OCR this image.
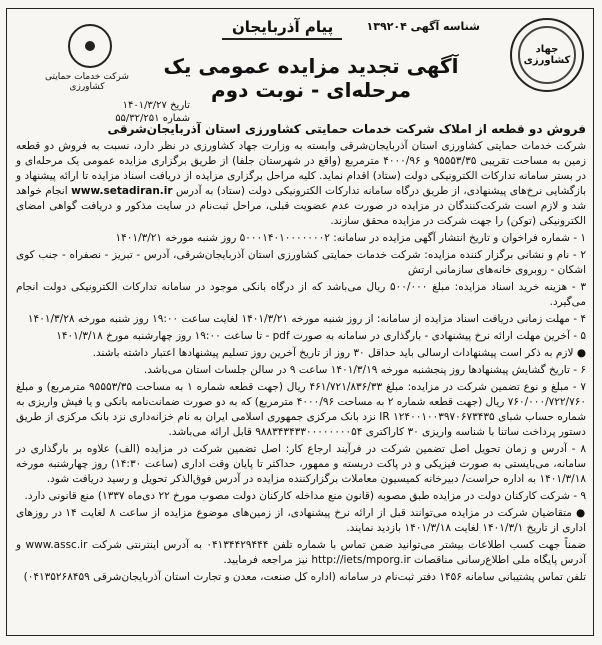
جهاد کشاورزی
شناسه آگهی ۱۳۹۲۰۴
پیام آذربایجان
شرکت خدمات حمایتی کشاورزی
آگهی تجدید مزایده عمومی یک مرحله‌ای - نوبت دوم
تاریخ ۱۴۰۱/۳/۲۷
شماره ۵۵/۳۲/۲۵۱
فروش دو قطعه از املاک شرکت خدمات حمایتی کشاورزی استان آذربایجان‌شرقی

شرکت خدمات حمایتی کشاورزی استان آذربایجان‌شرقی وابسته به وزارت جهاد کشاورزی در نظر دارد، نسبت به فروش دو قطعه زمین به مساحت تقریبی ۹۵۵۵۳/۳۵ و ۴۰۰۰/۹۶ مترمربع (واقع در شهرستان جلفا) از طریق برگزاری مزایده عمومی یک مرحله‌ای و در بستر سامانه تدارکات الکترونیکی دولت (ستاد) اقدام نماید. کلیه مراحل برگزاری مزایده از دریافت اسناد مزایده تا ارائه پیشنهاد و بازگشایی نرخ‌های پیشنهادی، از طریق درگاه سامانه تدارکات الکترونیکی دولت (ستاد) به آدرس www.setadiran.ir انجام خواهد شد و لازم است شرکت‌کنندگان در مزایده در صورت عدم عضویت قبلی، مراحل ثبت‌نام در سایت مذکور و دریافت گواهی امضای الکترونیکی (توکن) را جهت شرکت در مزایده محقق سازند.

۱ - شماره فراخوان و تاریخ انتشار آگهی مزایده در سامانه: ۵۰۰۰۱۴۰۱۰۰۰۰۰۰۰۲ روز شنبه مورخه ۱۴۰۱/۳/۲۱

۲ - نام و نشانی برگزار کننده مزایده: شرکت خدمات حمایتی کشاورزی استان آذربایجان‌شرقی، آدرس - تبریز - نصفراه - جنب کوی اشکان - روبروی خانه‌های سازمانی ارتش

۳ - هزینه خرید اسناد مزایده: مبلغ ۵۰۰/۰۰۰ ریال می‌باشد که از درگاه بانکی موجود در سامانه تدارکات الکترونیکی دولت انجام می‌گیرد.

۴ - مهلت زمانی دریافت اسناد مزایده از سامانه: از روز شنبه مورخه ۱۴۰۱/۳/۲۱ لغایت ساعت ۱۹:۰۰ روز شنبه مورخه ۱۴۰۱/۳/۲۸

۵ - آخرین مهلت ارائه نرخ پیشنهادی - بارگذاری در سامانه به صورت pdf - تا ساعت ۱۹:۰۰ روز چهارشنبه مورخ ۱۴۰۱/۳/۱۸

● لازم به ذکر است پیشنهادات ارسالی باید حداقل ۳۰ روز از تاریخ آخرین روز تسلیم پیشنهادها اعتبار داشته باشند.

۶ - تاریخ گشایش پیشنهادها روز پنجشنبه مورخه ۱۴۰۱/۳/۱۹ ساعت ۹ در سالن جلسات استان می‌باشد.

۷ - مبلغ و نوع تضمین شرکت در مزایده: مبلغ ۴۶۱/۷۲۱/۸۳۶/۳۳ ریال (جهت قطعه شماره ۱ به مساحت ۹۵۵۵۳/۳۵ مترمربع) و مبلغ ۷۶۰/۰۰۰/۷۲۲/۷۶۰ ریال (جهت قطعه شماره ۲ به مساحت ۴۰۰۰/۹۶ مترمربع) که به دو صورت ضمانت‌نامه بانکی و یا فیش واریزی به شماره حساب شبای IR ۱۲۴۰۰۱۰۰۳۹۷۰۶۷۳۴۳۵ نزد بانک مرکزی جمهوری اسلامی ایران به نام خزانه‌داری نزد بانک مرکزی از طریق دستور پرداخت ساتنا با شناسه واریزی ۳۰ کاراکتری ۹۸۸۳۴۳۴۳۳۰۰۰۰۰۰۰۰۵۴ قابل ارائه می‌باشد.

۸ - آدرس و زمان تحویل اصل تضمین شرکت در فرآیند ارجاع کار: اصل تضمین شرکت در مزایده (الف) علاوه بر بارگذاری در سامانه، می‌بایستی به صورت فیزیکی و در پاکت دربسته و ممهور، حداکثر تا پایان وقت اداری (ساعت ۱۴:۳۰) روز چهارشنبه مورخه ۱۴۰۱/۳/۱۸ به اداره حراست/ دبیرخانه کمیسیون معاملات برگزارکننده مزایده در آدرس فوق‌الذکر تحویل و رسید دریافت شود.

۹ - شرکت کارکنان دولت در مزایده طبق مصوبه (قانون منع مداخله کارکنان دولت مصوب مورخ ۲۲ دی‌ماه ۱۳۳۷) منع قانونی دارد.

● متقاضیان شرکت در مزایده می‌توانند قبل از ارائه نرخ پیشنهادی، از زمین‌های موضوع مزایده از ساعت ۸ لغایت ۱۴ در روزهای اداری از تاریخ ۱۴۰۱/۳/۱ لغایت ۱۴۰۱/۳/۱۸ بازدید نمایند.

ضمناً جهت کسب اطلاعات بیشتر می‌توانید ضمن تماس با شماره تلفن ۰۴۱۳۴۴۲۹۴۴۴ به آدرس اینترنتی شرکت www.assc.ir و آدرس پایگاه ملی اطلاع‌رسانی مناقصات http://iets/mporg.ir نیز مراجعه فرمایید.

تلفن تماس پشتیبانی سامانه ۱۴۵۶ دفتر ثبت‌نام در سامانه (اداره کل صنعت، معدن و تجارت استان آذربایجان‌شرقی ۰۴۱۳۵۲۶۸۴۵۹)
